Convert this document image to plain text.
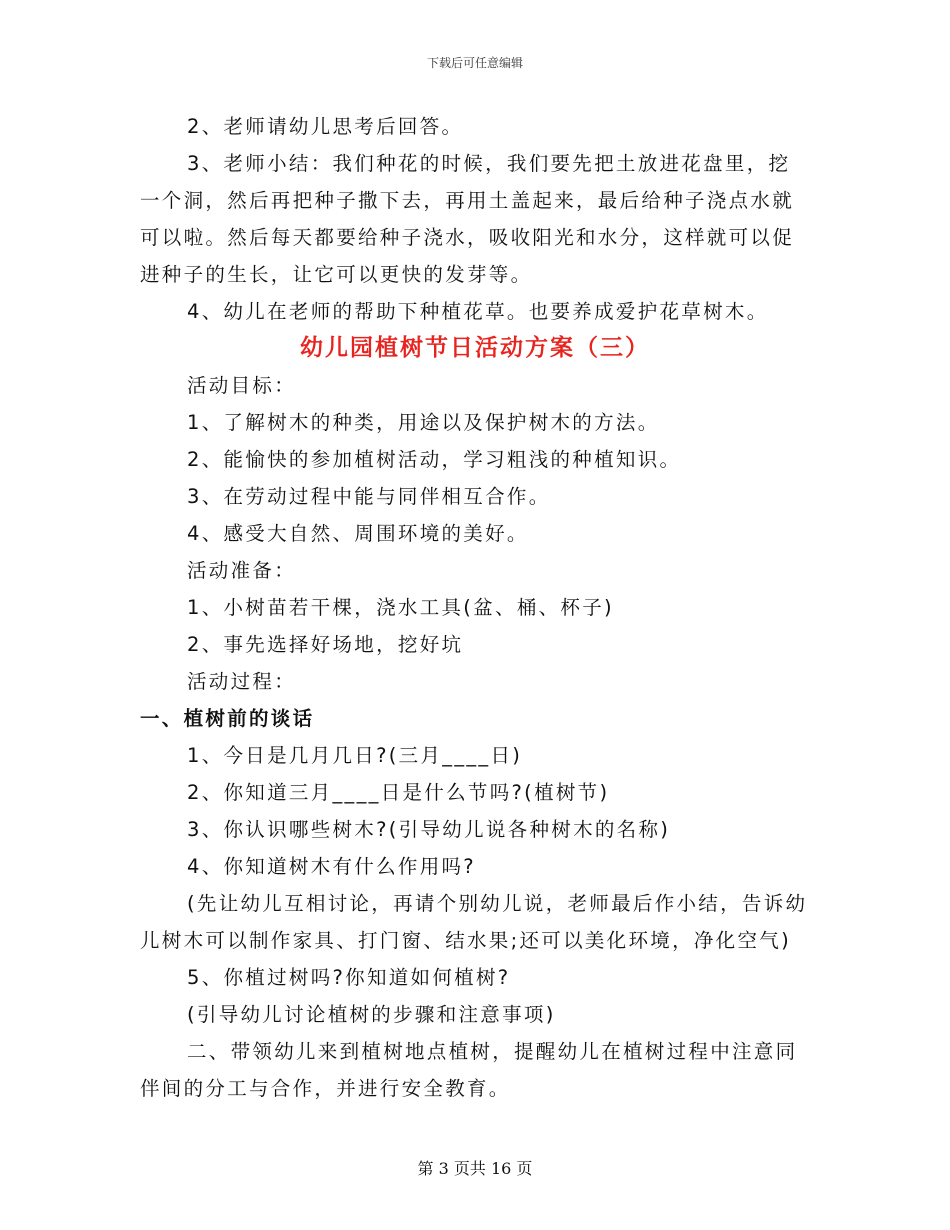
下载后可任意编辑

2、老师请幼儿思考后回答。

3、老师小结：我们种花的时候，我们要先把土放进花盘里，挖一个洞，然后再把种子撒下去，再用土盖起来，最后给种子浇点水就可以啦。然后每天都要给种子浇水，吸收阳光和水分，这样就可以促进种子的生长，让它可以更快的发芽等。

4、幼儿在老师的帮助下种植花草。也要养成爱护花草树木。

幼儿园植树节日活动方案（三）

活动目标：

1、了解树木的种类，用途以及保护树木的方法。

2、能愉快的参加植树活动，学习粗浅的种植知识。

3、在劳动过程中能与同伴相互合作。

4、感受大自然、周围环境的美好。

活动准备：

1、小树苗若干棵，浇水工具(盆、桶、杯子)

2、事先选择好场地，挖好坑

活动过程：

一、植树前的谈话

1、今日是几月几日?(三月____日)

2、你知道三月____日是什么节吗?(植树节)

3、你认识哪些树木?(引导幼儿说各种树木的名称)

4、你知道树木有什么作用吗?

(先让幼儿互相讨论，再请个别幼儿说，老师最后作小结，告诉幼儿树木可以制作家具、打门窗、结水果;还可以美化环境，净化空气)

5、你植过树吗?你知道如何植树?

(引导幼儿讨论植树的步骤和注意事项)

二、带领幼儿来到植树地点植树，提醒幼儿在植树过程中注意同伴间的分工与合作，并进行安全教育。

第 3 页共 16 页
